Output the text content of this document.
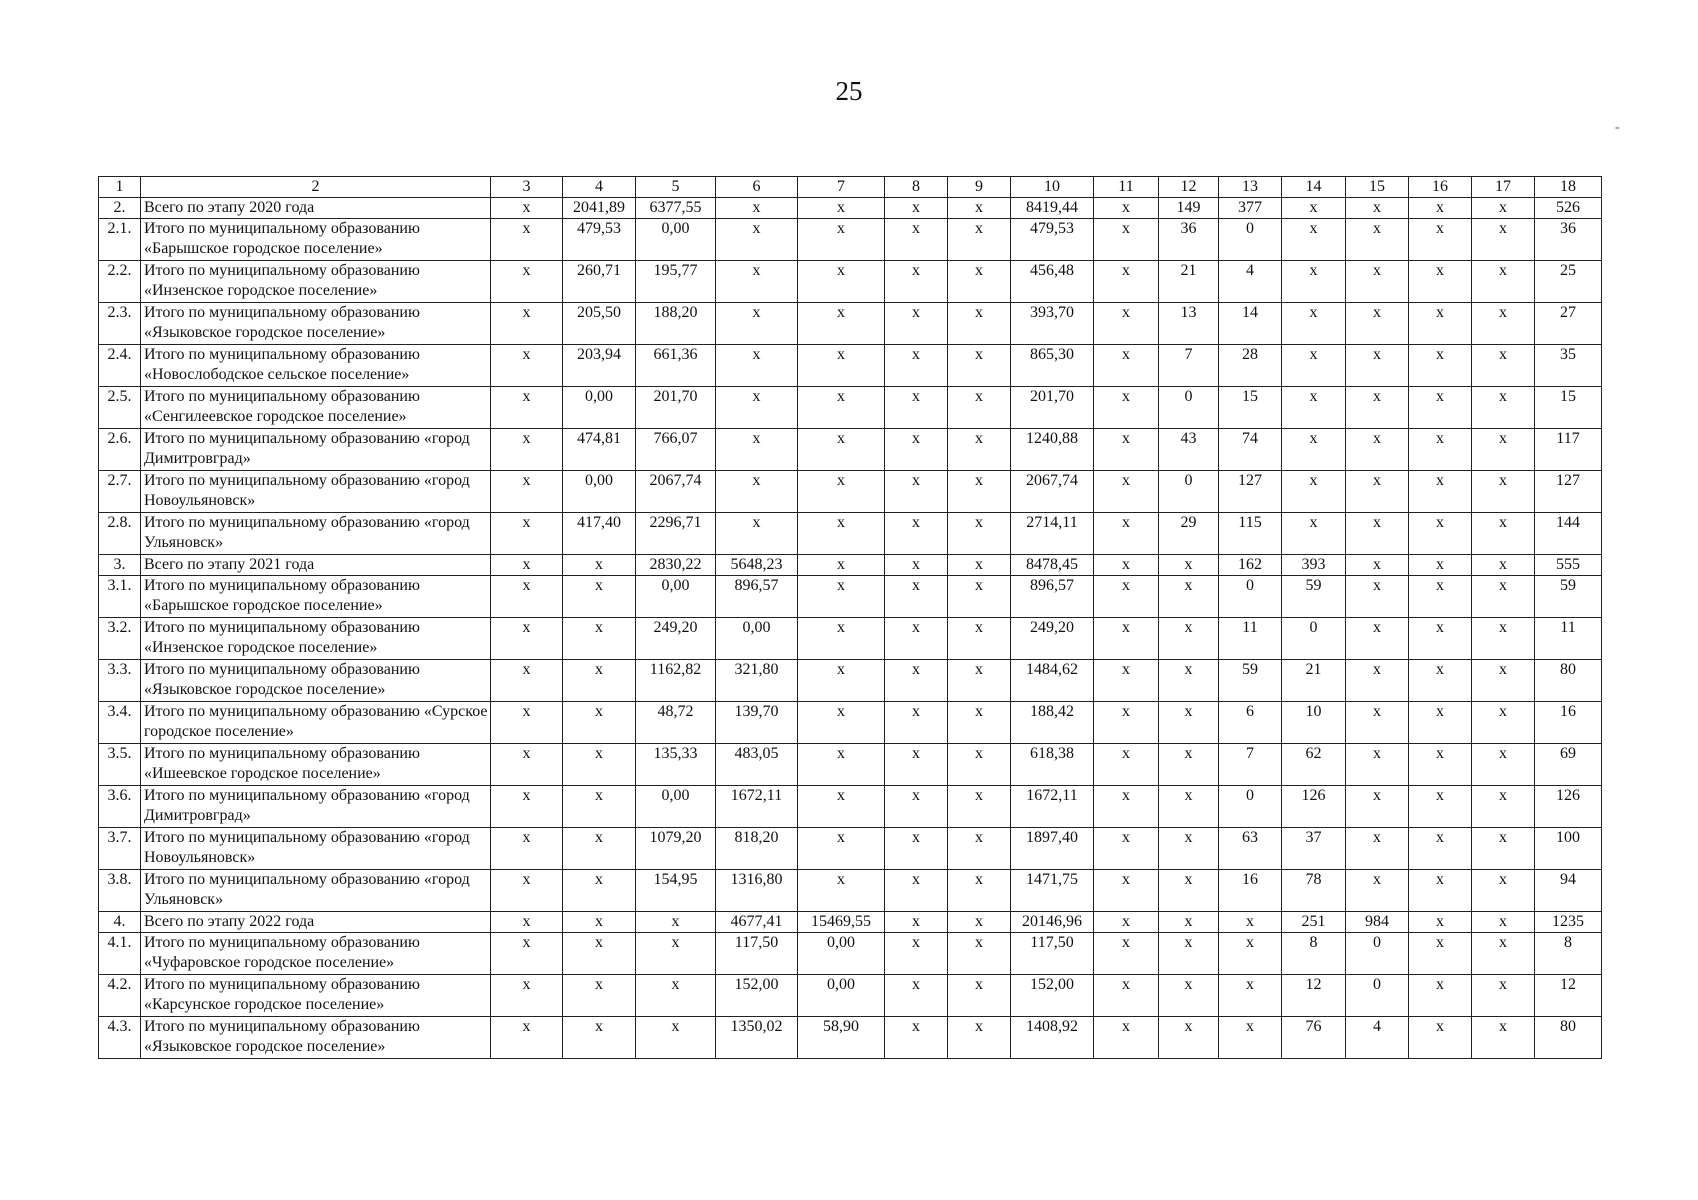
25
-
1	2	3	4	5	6	7	8	9	10	11	12	13	14	15	16	17	18
2.	Всего по этапу 2020 года	x	2041,89	6377,55	x	x	x	x	8419,44	x	149	377	x	x	x	x	526
2.1.	Итого по муниципальному образованию «Барышское городское поселение»	x	479,53	0,00	x	x	x	x	479,53	x	36	0	x	x	x	x	36
2.2.	Итого по муниципальному образованию «Инзенское городское поселение»	x	260,71	195,77	x	x	x	x	456,48	x	21	4	x	x	x	x	25
2.3.	Итого по муниципальному образованию «Языковское городское поселение»	x	205,50	188,20	x	x	x	x	393,70	x	13	14	x	x	x	x	27
2.4.	Итого по муниципальному образованию «Новослободское сельское поселение»	x	203,94	661,36	x	x	x	x	865,30	x	7	28	x	x	x	x	35
2.5.	Итого по муниципальному образованию «Сенгилеевское городское поселение»	x	0,00	201,70	x	x	x	x	201,70	x	0	15	x	x	x	x	15
2.6.	Итого по муниципальному образованию «город Димитровград»	x	474,81	766,07	x	x	x	x	1240,88	x	43	74	x	x	x	x	117
2.7.	Итого по муниципальному образованию «город Новоульяновск»	x	0,00	2067,74	x	x	x	x	2067,74	x	0	127	x	x	x	x	127
2.8.	Итого по муниципальному образованию «город Ульяновск»	x	417,40	2296,71	x	x	x	x	2714,11	x	29	115	x	x	x	x	144
3.	Всего по этапу 2021 года	x	x	2830,22	5648,23	x	x	x	8478,45	x	x	162	393	x	x	x	555
3.1.	Итого по муниципальному образованию «Барышское городское поселение»	x	x	0,00	896,57	x	x	x	896,57	x	x	0	59	x	x	x	59
3.2.	Итого по муниципальному образованию «Инзенское городское поселение»	x	x	249,20	0,00	x	x	x	249,20	x	x	11	0	x	x	x	11
3.3.	Итого по муниципальному образованию «Языковское городское поселение»	x	x	1162,82	321,80	x	x	x	1484,62	x	x	59	21	x	x	x	80
3.4.	Итого по муниципальному образованию «Сурское городское поселение»	x	x	48,72	139,70	x	x	x	188,42	x	x	6	10	x	x	x	16
3.5.	Итого по муниципальному образованию «Ишеевское городское поселение»	x	x	135,33	483,05	x	x	x	618,38	x	x	7	62	x	x	x	69
3.6.	Итого по муниципальному образованию «город Димитровград»	x	x	0,00	1672,11	x	x	x	1672,11	x	x	0	126	x	x	x	126
3.7.	Итого по муниципальному образованию «город Новоульяновск»	x	x	1079,20	818,20	x	x	x	1897,40	x	x	63	37	x	x	x	100
3.8.	Итого по муниципальному образованию «город Ульяновск»	x	x	154,95	1316,80	x	x	x	1471,75	x	x	16	78	x	x	x	94
4.	Всего по этапу 2022 года	x	x	x	4677,41	15469,55	x	x	20146,96	x	x	x	251	984	x	x	1235
4.1.	Итого по муниципальному образованию «Чуфаровское городское поселение»	x	x	x	117,50	0,00	x	x	117,50	x	x	x	8	0	x	x	8
4.2.	Итого по муниципальному образованию «Карсунское городское поселение»	x	x	x	152,00	0,00	x	x	152,00	x	x	x	12	0	x	x	12
4.3.	Итого по муниципальному образованию «Языковское городское поселение»	x	x	x	1350,02	58,90	x	x	1408,92	x	x	x	76	4	x	x	80
